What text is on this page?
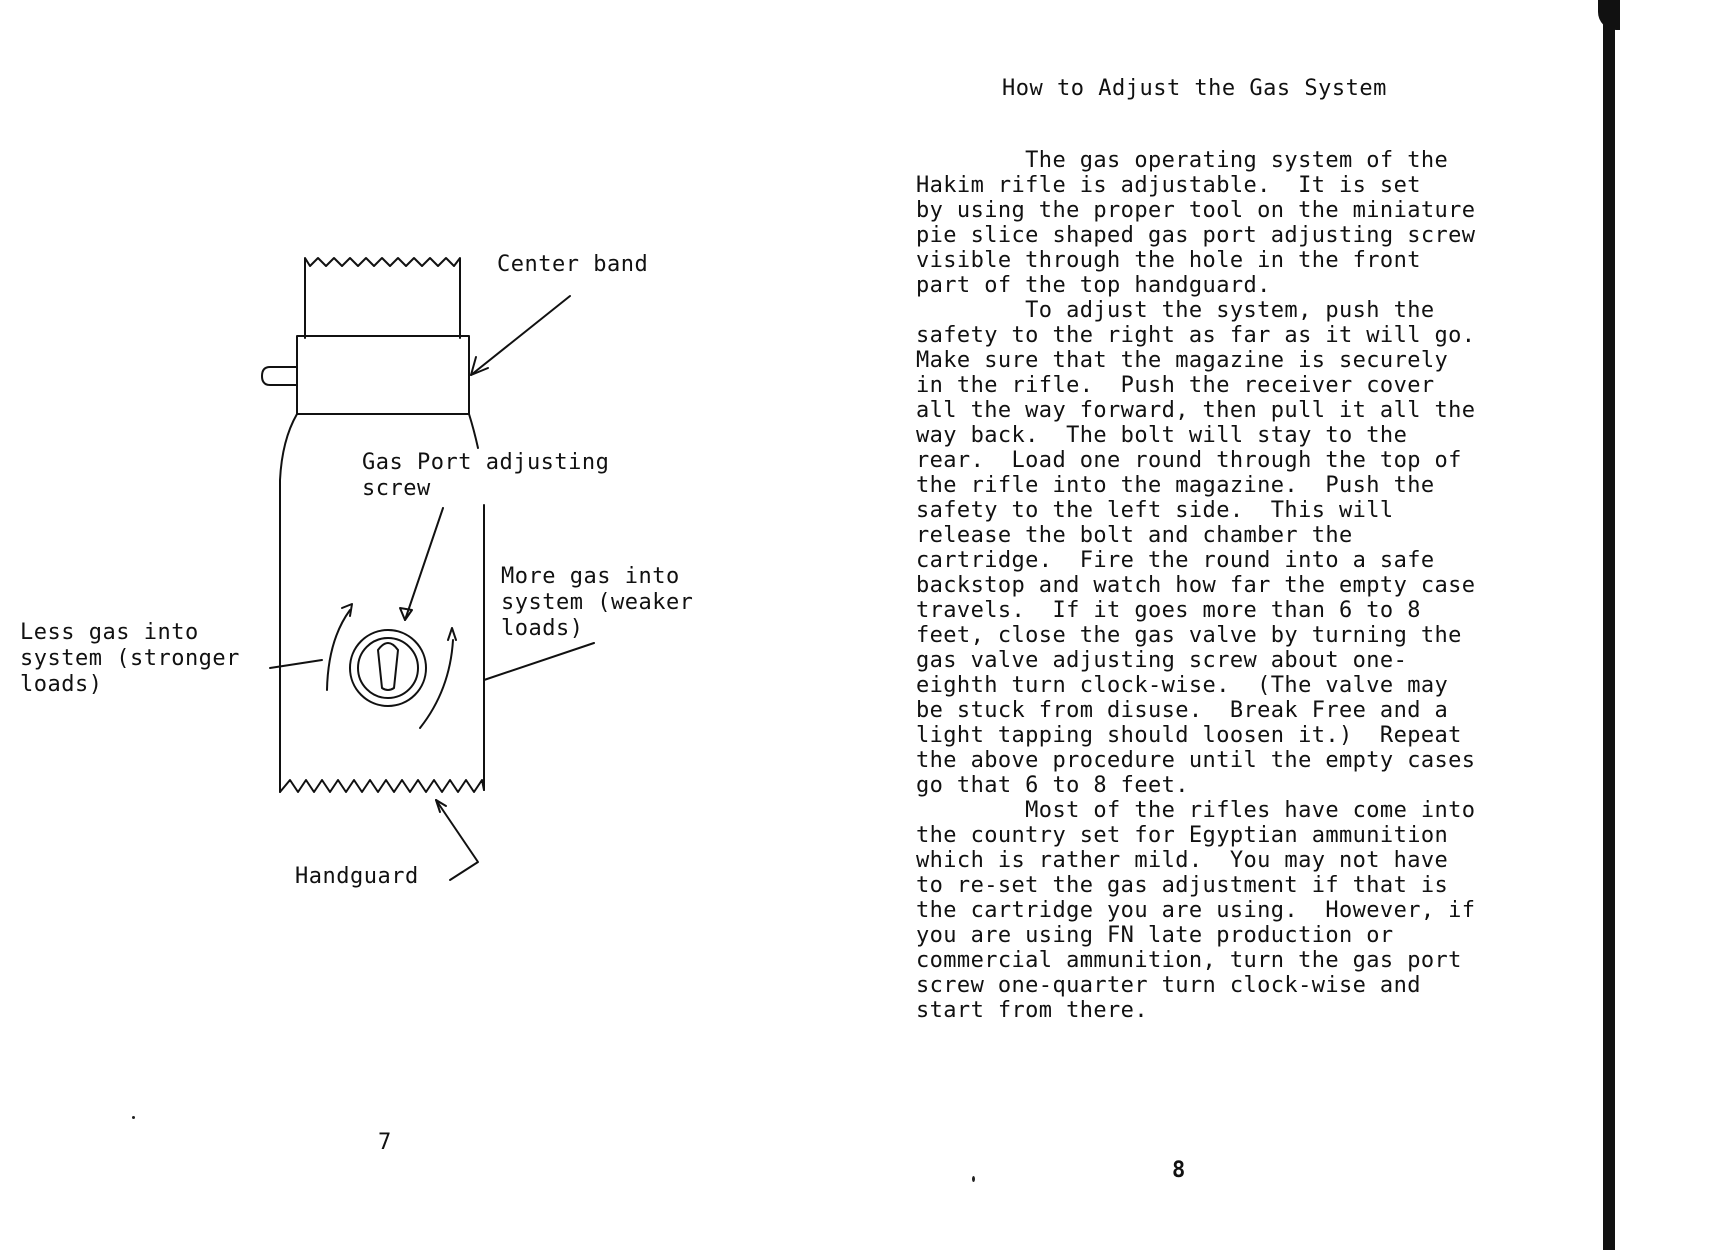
Center band
Gas Port adjusting
screw
More gas into
system (weaker
loads)
Less gas into
system (stronger
loads)
Handguard
7
How to Adjust the Gas System
The gas operating system of the
Hakim rifle is adjustable.  It is set
by using the proper tool on the miniature
pie slice shaped gas port adjusting screw
visible through the hole in the front
part of the top handguard.
To adjust the system, push the
safety to the right as far as it will go.
Make sure that the magazine is securely
in the rifle.  Push the receiver cover
all the way forward, then pull it all the
way back.  The bolt will stay to the
rear.  Load one round through the top of
the rifle into the magazine.  Push the
safety to the left side.  This will
release the bolt and chamber the
cartridge.  Fire the round into a safe
backstop and watch how far the empty case
travels.  If it goes more than 6 to 8
feet, close the gas valve by turning the
gas valve adjusting screw about one-
eighth turn clock-wise.  (The valve may
be stuck from disuse.  Break Free and a
light tapping should loosen it.)  Repeat
the above procedure until the empty cases
go that 6 to 8 feet.
Most of the rifles have come into
the country set for Egyptian ammunition
which is rather mild.  You may not have
to re-set the gas adjustment if that is
the cartridge you are using.  However, if
you are using FN late production or
commercial ammunition, turn the gas port
screw one-quarter turn clock-wise and
start from there.
8
